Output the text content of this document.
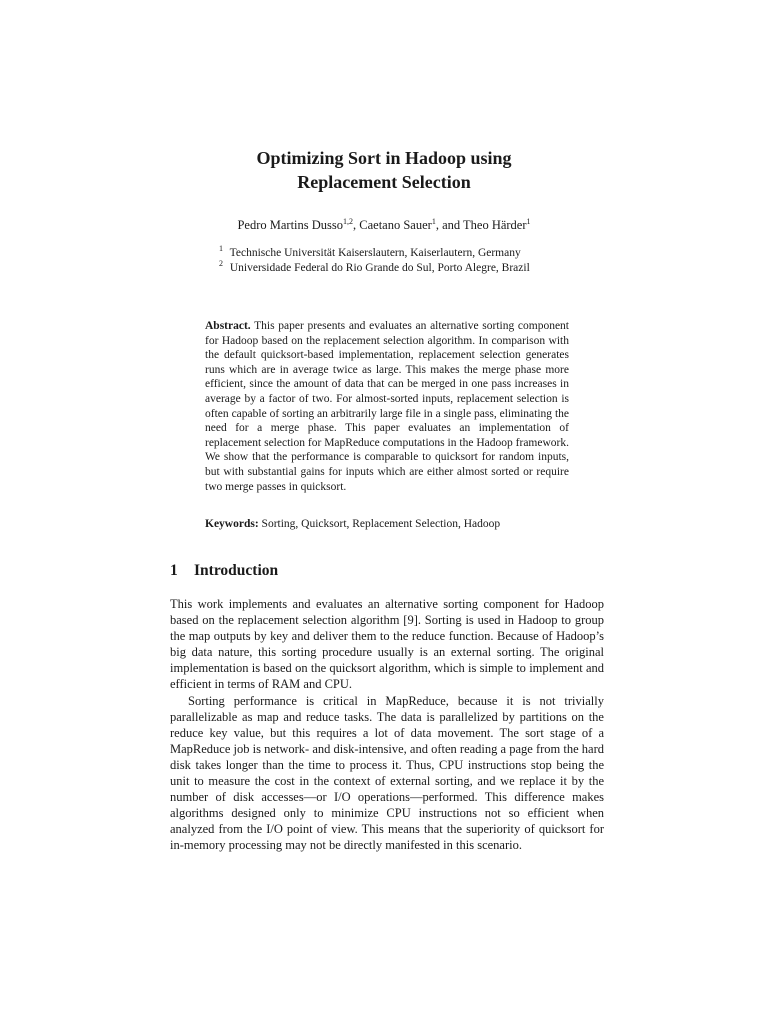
Optimizing Sort in Hadoop using
Replacement Selection
Pedro Martins Dusso$^{1,2}$, Caetano Sauer$^1$, and Theo Härder$^1$
1 Technische Universität Kaiserslautern, Kaiserlautern, Germany
2 Universidade Federal do Rio Grande do Sul, Porto Alegre, Brazil

Abstract. This paper presents and evaluates an alternative sorting component for Hadoop based on the replacement selection algorithm. In comparison with the default quicksort-based implementation, replacement selection generates runs which are in average twice as large. This makes the merge phase more efficient, since the amount of data that can be merged in one pass increases in average by a factor of two. For almost-sorted inputs, replacement selection is often capable of sorting an arbitrarily large file in a single pass, eliminating the need for a merge phase. This paper evaluates an implementation of replacement selection for MapReduce computations in the Hadoop framework. We show that the performance is comparable to quicksort for random inputs, but with substantial gains for inputs which are either almost sorted or require two merge passes in quicksort.

Keywords: Sorting, Quicksort, Replacement Selection, Hadoop

1 Introduction

This work implements and evaluates an alternative sorting component for Hadoop based on the replacement selection algorithm [9]. Sorting is used in Hadoop to group the map outputs by key and deliver them to the reduce function. Because of Hadoop’s big data nature, this sorting procedure usually is an external sorting. The original implementation is based on the quicksort algorithm, which is simple to implement and efficient in terms of RAM and CPU.

Sorting performance is critical in MapReduce, because it is not trivially parallelizable as map and reduce tasks. The data is parallelized by partitions on the reduce key value, but this requires a lot of data movement. The sort stage of a MapReduce job is network- and disk-intensive, and often reading a page from the hard disk takes longer than the time to process it. Thus, CPU instructions stop being the unit to measure the cost in the context of external sorting, and we replace it by the number of disk accesses—or I/O operations—performed. This difference makes algorithms designed only to minimize CPU instructions not so efficient when analyzed from the I/O point of view. This means that the superiority of quicksort for in-memory processing may not be directly manifested in this scenario.
